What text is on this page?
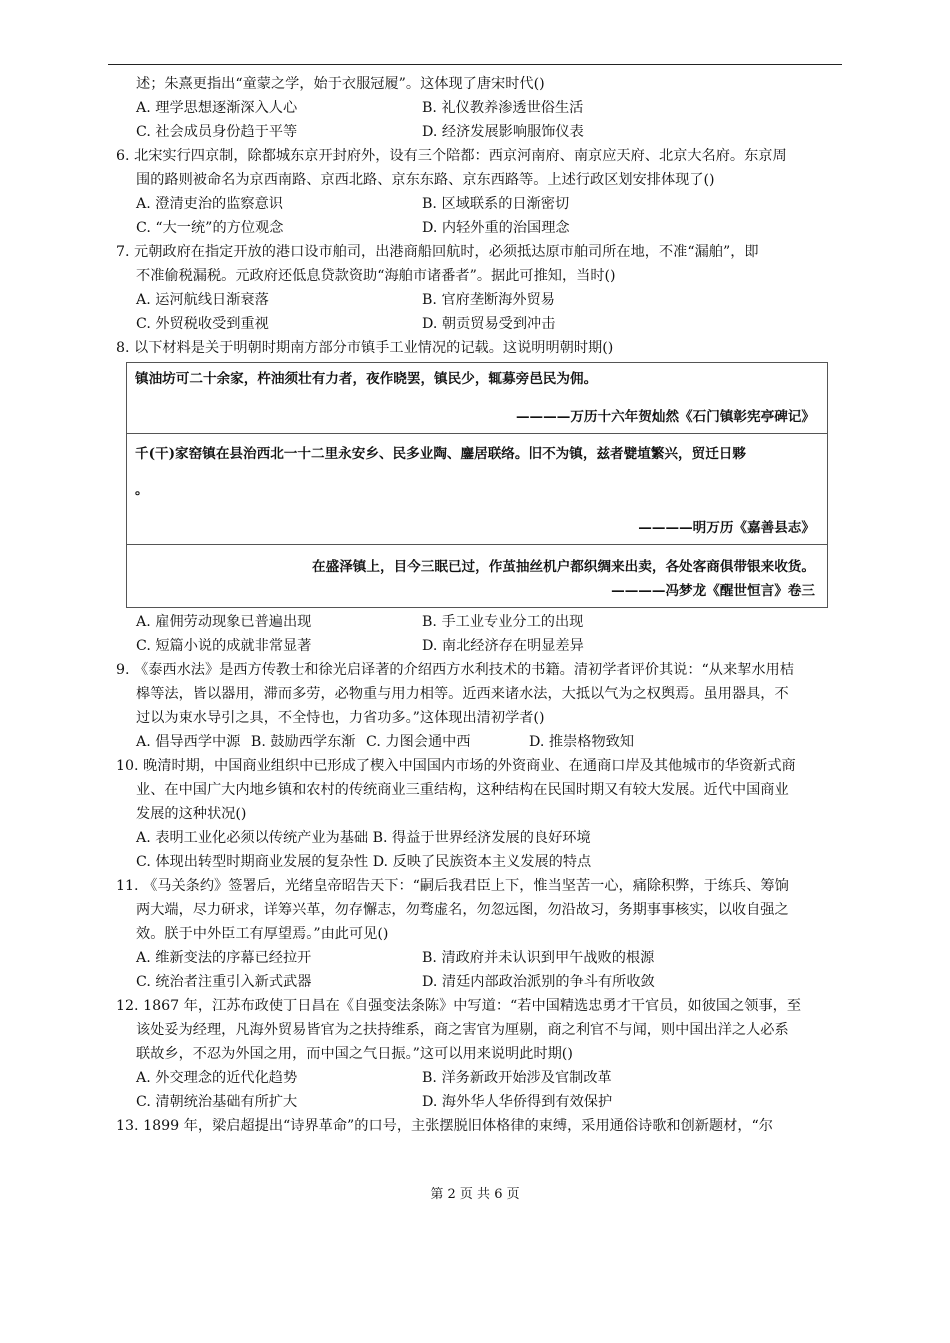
述；朱熹更指出“童蒙之学，始于衣服冠履”。这体现了唐宋时代()
A. 理学思想逐渐深入人心	B. 礼仪教养渗透世俗生活
C. 社会成员身份趋于平等	D. 经济发展影响服饰仪表
6. 北宋实行四京制，除都城东京开封府外，设有三个陪都：西京河南府、南京应天府、北京大名府。东京周
围的路则被命名为京西南路、京西北路、京东东路、京东西路等。上述行政区划安排体现了()
A. 澄清吏治的监察意识	B. 区域联系的日渐密切
C. “大一统”的方位观念	D. 内轻外重的治国理念
7. 元朝政府在指定开放的港口设市舶司，出港商船回航时，必须抵达原市舶司所在地，不准“漏舶”，即
不准偷税漏税。元政府还低息贷款资助“海舶市诸番者”。据此可推知，当时()
A. 运河航线日渐衰落	B. 官府垄断海外贸易
C. 外贸税收受到重视	D. 朝贡贸易受到冲击
8. 以下材料是关于明朝时期南方部分市镇手工业情况的记载。这说明明朝时期()
镇油坊可二十余家，杵油须壮有力者，夜作晓罢，镇民少，辄募旁邑民为佣。
————万历十六年贺灿然《石门镇彰宪亭碑记》
千(干)家窑镇在县治西北一十二里永安乡、民多业陶、鏖居联络。旧不为镇，兹者甓埴繁兴，贸迁日夥
。
————明万历《嘉善县志》
在盛泽镇上，目今三眠已过，作茧抽丝机户都织绸来出卖，各处客商俱带银来收货。
————冯梦龙《醒世恒言》卷三
A. 雇佣劳动现象已普遍出现	B. 手工业专业分工的出现
C. 短篇小说的成就非常显著	D. 南北经济存在明显差异
9. 《泰西水法》是西方传教士和徐光启译著的介绍西方水利技术的书籍。清初学者评价其说：“从来挈水用桔
槔等法，皆以器用，滞而多劳，必物重与用力相等。近西来诸水法，大抵以气为之权舆焉。虽用器具，不
过以为束水导引之具，不全恃也，力省功多。”这体现出清初学者()
A. 倡导西学中源 B. 鼓励西学东渐 C. 力图会通中西	D. 推崇格物致知
10. 晚清时期，中国商业组织中已形成了楔入中国国内市场的外资商业、在通商口岸及其他城市的华资新式商
业、在中国广大内地乡镇和农村的传统商业三重结构，这种结构在民国时期又有较大发展。近代中国商业
发展的这种状况()
A. 表明工业化必须以传统产业为基础 B. 得益于世界经济发展的良好环境
C. 体现出转型时期商业发展的复杂性 D. 反映了民族资本主义发展的特点
11. 《马关条约》签署后，光绪皇帝昭告天下：“嗣后我君臣上下，惟当坚苦一心，痛除积弊，于练兵、筹饷
两大端，尽力研求，详筹兴革，勿存懈志，勿骛虚名，勿忽远图，勿沿故习，务期事事核实，以收自强之
效。朕于中外臣工有厚望焉。”由此可见()
A. 维新变法的序幕已经拉开	B. 清政府并未认识到甲午战败的根源
C. 统治者注重引入新式武器	D. 清廷内部政治派别的争斗有所收敛
12. 1867 年，江苏布政使丁日昌在《自强变法条陈》中写道：“若中国精选忠勇才干官员，如彼国之领事，至
该处妥为经理，凡海外贸易皆官为之扶持维系，商之害官为厘剔，商之利官不与闻，则中国出洋之人必系
联故乡，不忍为外国之用，而中国之气日振。”这可以用来说明此时期()
A. 外交理念的近代化趋势	B. 洋务新政开始涉及官制改革
C. 清朝统治基础有所扩大	D. 海外华人华侨得到有效保护
13. 1899 年，梁启超提出“诗界革命”的口号，主张摆脱旧体格律的束缚，采用通俗诗歌和创新题材，“尔
第 2 页 共 6 页
